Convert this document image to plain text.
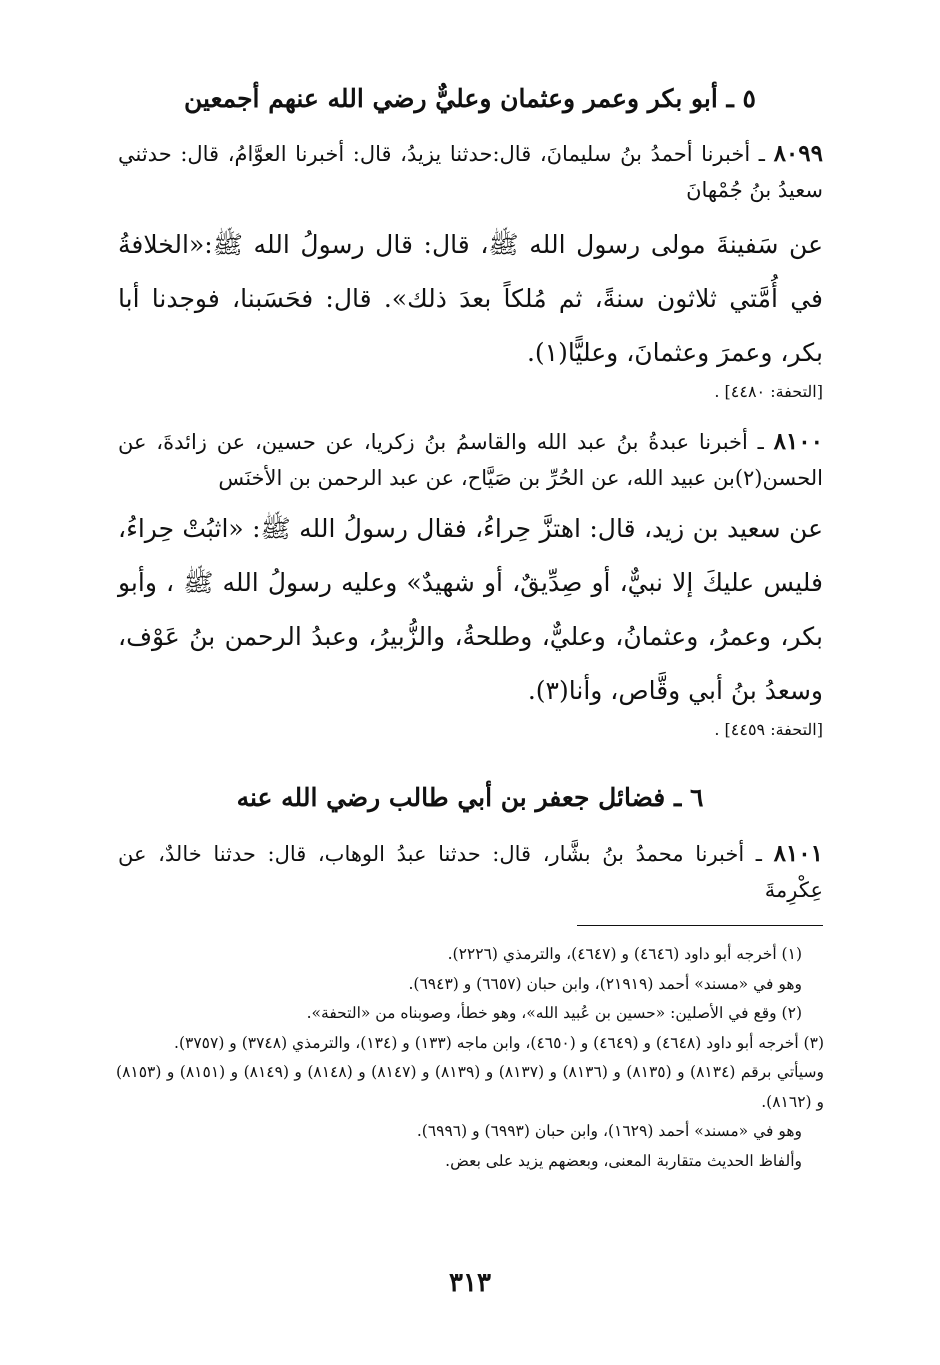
٥ ـ أبو بكر وعمر وعثمان وعليٌّ رضي الله عنهم أجمعين
٨٠٩٩ ـ أخبرنا أحمدُ بنُ سليمانَ، قال:حدثنا يزيدُ، قال: أخبرنا العوَّامُ، قال: حدثني سعيدُ بنُ جُمْهانَ
عن سَفينةَ مولى رسول الله ﷺ، قال: قال رسولُ الله ﷺ:«الخلافةُ في أُمَّتي ثلاثون سنةً، ثم مُلكاً بعدَ ذلك». قال: فحَسَبنا، فوجدنا أبا بكر، وعمرَ وعثمانَ، وعليًّا(١).
[التحفة: ٤٤٨٠] .
٨١٠٠ ـ أخبرنا عبدةُ بنُ عبد الله والقاسمُ بنُ زكريا، عن حسين، عن زائدةَ، عن الحسن(٢)بن عبيد الله، عن الحُرِّ بن صَيَّاح، عن عبد الرحمن بن الأخنَس
عن سعيد بن زيد، قال: اهتزَّ حِراءُ، فقال رسولُ الله ﷺ: «اثبُتْ حِراءُ، فليس عليكَ إلا نبيٌّ، أو صِدِّيقٌ، أو شهيدٌ» وعليه رسولُ الله ﷺ ، وأبو بكر، وعمرُ، وعثمانُ، وعليٌّ، وطلحةُ، والزُّبيرُ، وعبدُ الرحمن بنُ عَوْف، وسعدُ بنُ أبي وقَّاص، وأنا(٣).
[التحفة: ٤٤٥٩] .
٦ ـ فضائل جعفر بن أبي طالب رضي الله عنه
٨١٠١ ـ أخبرنا محمدُ بنُ بشَّار، قال: حدثنا عبدُ الوهاب، قال: حدثنا خالدٌ، عن عِكْرِمةَ
(١) أخرجه أبو داود (٤٦٤٦) و (٤٦٤٧)، والترمذي (٢٢٢٦).
وهو في «مسند» أحمد (٢١٩١٩)، وابن حبان (٦٦٥٧) و (٦٩٤٣).
(٢) وقع في الأصلين: «حسين بن عُبيد الله»، وهو خطأ، وصوبناه من «التحفة».
(٣) أخرجه أبو داود (٤٦٤٨) و (٤٦٤٩) و (٤٦٥٠)، وابن ماجه (١٣٣) و (١٣٤)، والترمذي (٣٧٤٨) و (٣٧٥٧).
وسيأتي برقم (٨١٣٤) و (٨١٣٥) و (٨١٣٦) و (٨١٣٧) و (٨١٣٩) و (٨١٤٧) و (٨١٤٨) و (٨١٤٩) و (٨١٥١) و (٨١٥٣) و (٨١٦٢).
وهو في «مسند» أحمد (١٦٢٩)، وابن حبان (٦٩٩٣) و (٦٩٩٦).
وألفاظ الحديث متقاربة المعنى، وبعضهم يزيد على بعض.
٣١٣
